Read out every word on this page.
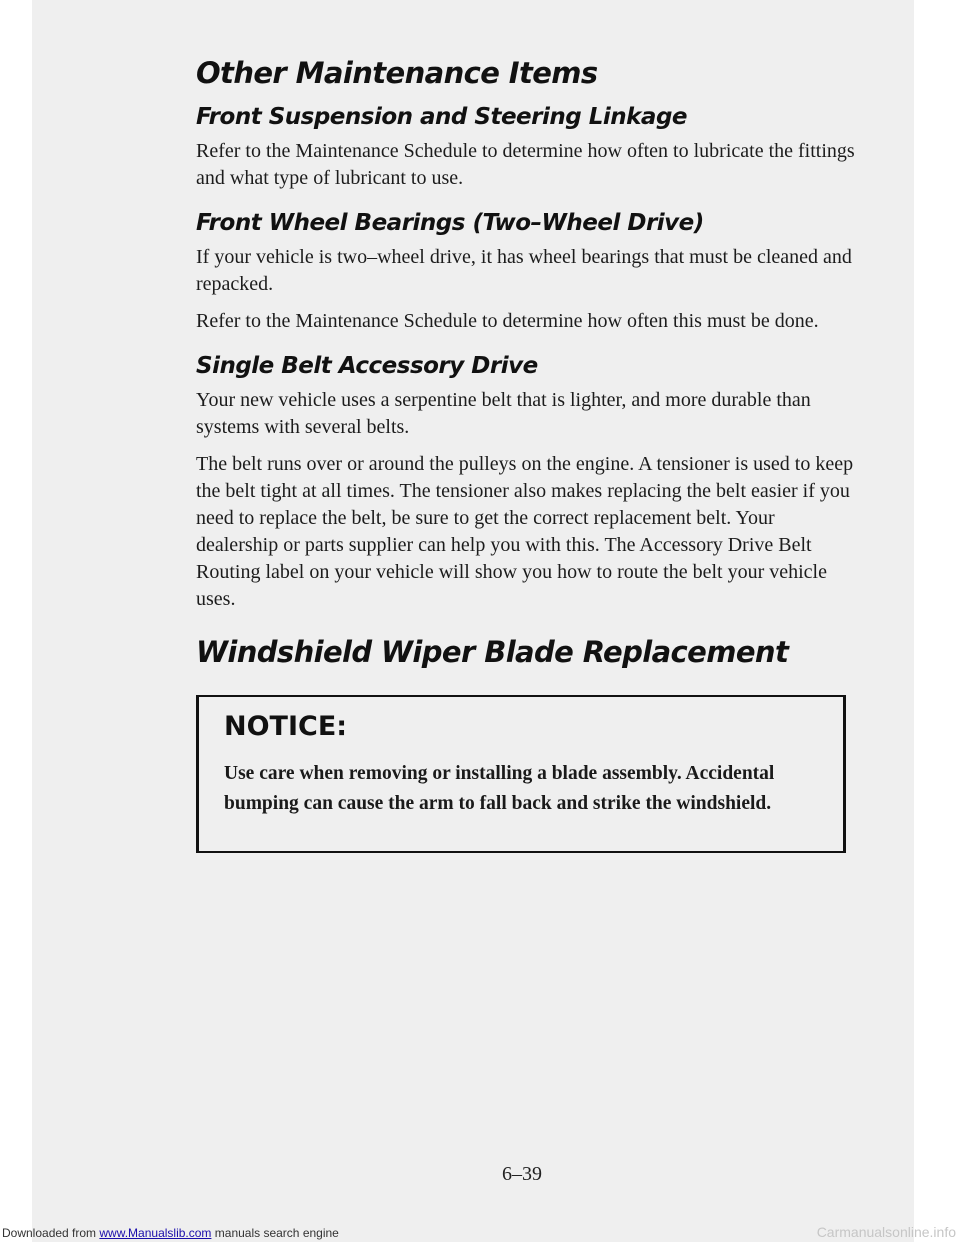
Other Maintenance Items
Front Suspension and Steering Linkage

Refer to the Maintenance Schedule to determine how often to lubricate the fittings and what type of lubricant to use.

Front Wheel Bearings (Two–Wheel Drive)

If your vehicle is two–wheel drive, it has wheel bearings that must be cleaned and repacked.

Refer to the Maintenance Schedule to determine how often this must be done.

Single Belt Accessory Drive

Your new vehicle uses a serpentine belt that is lighter, and more durable than systems with several belts.

The belt runs over or around the pulleys on the engine. A tensioner is used to keep the belt tight at all times. The tensioner also makes replacing the belt easier if you need to replace the belt, be sure to get the correct replacement belt. Your dealership or parts supplier can help you with this. The Accessory Drive Belt Routing label on your vehicle will show you how to route the belt your vehicle uses.

Windshield Wiper Blade Replacement
NOTICE:
Use care when removing or installing a blade assembly. Accidental bumping can cause the arm to fall back and strike the windshield.
6–39
Downloaded from www.Manualslib.com manuals search engine	Carmanualsonline.info
